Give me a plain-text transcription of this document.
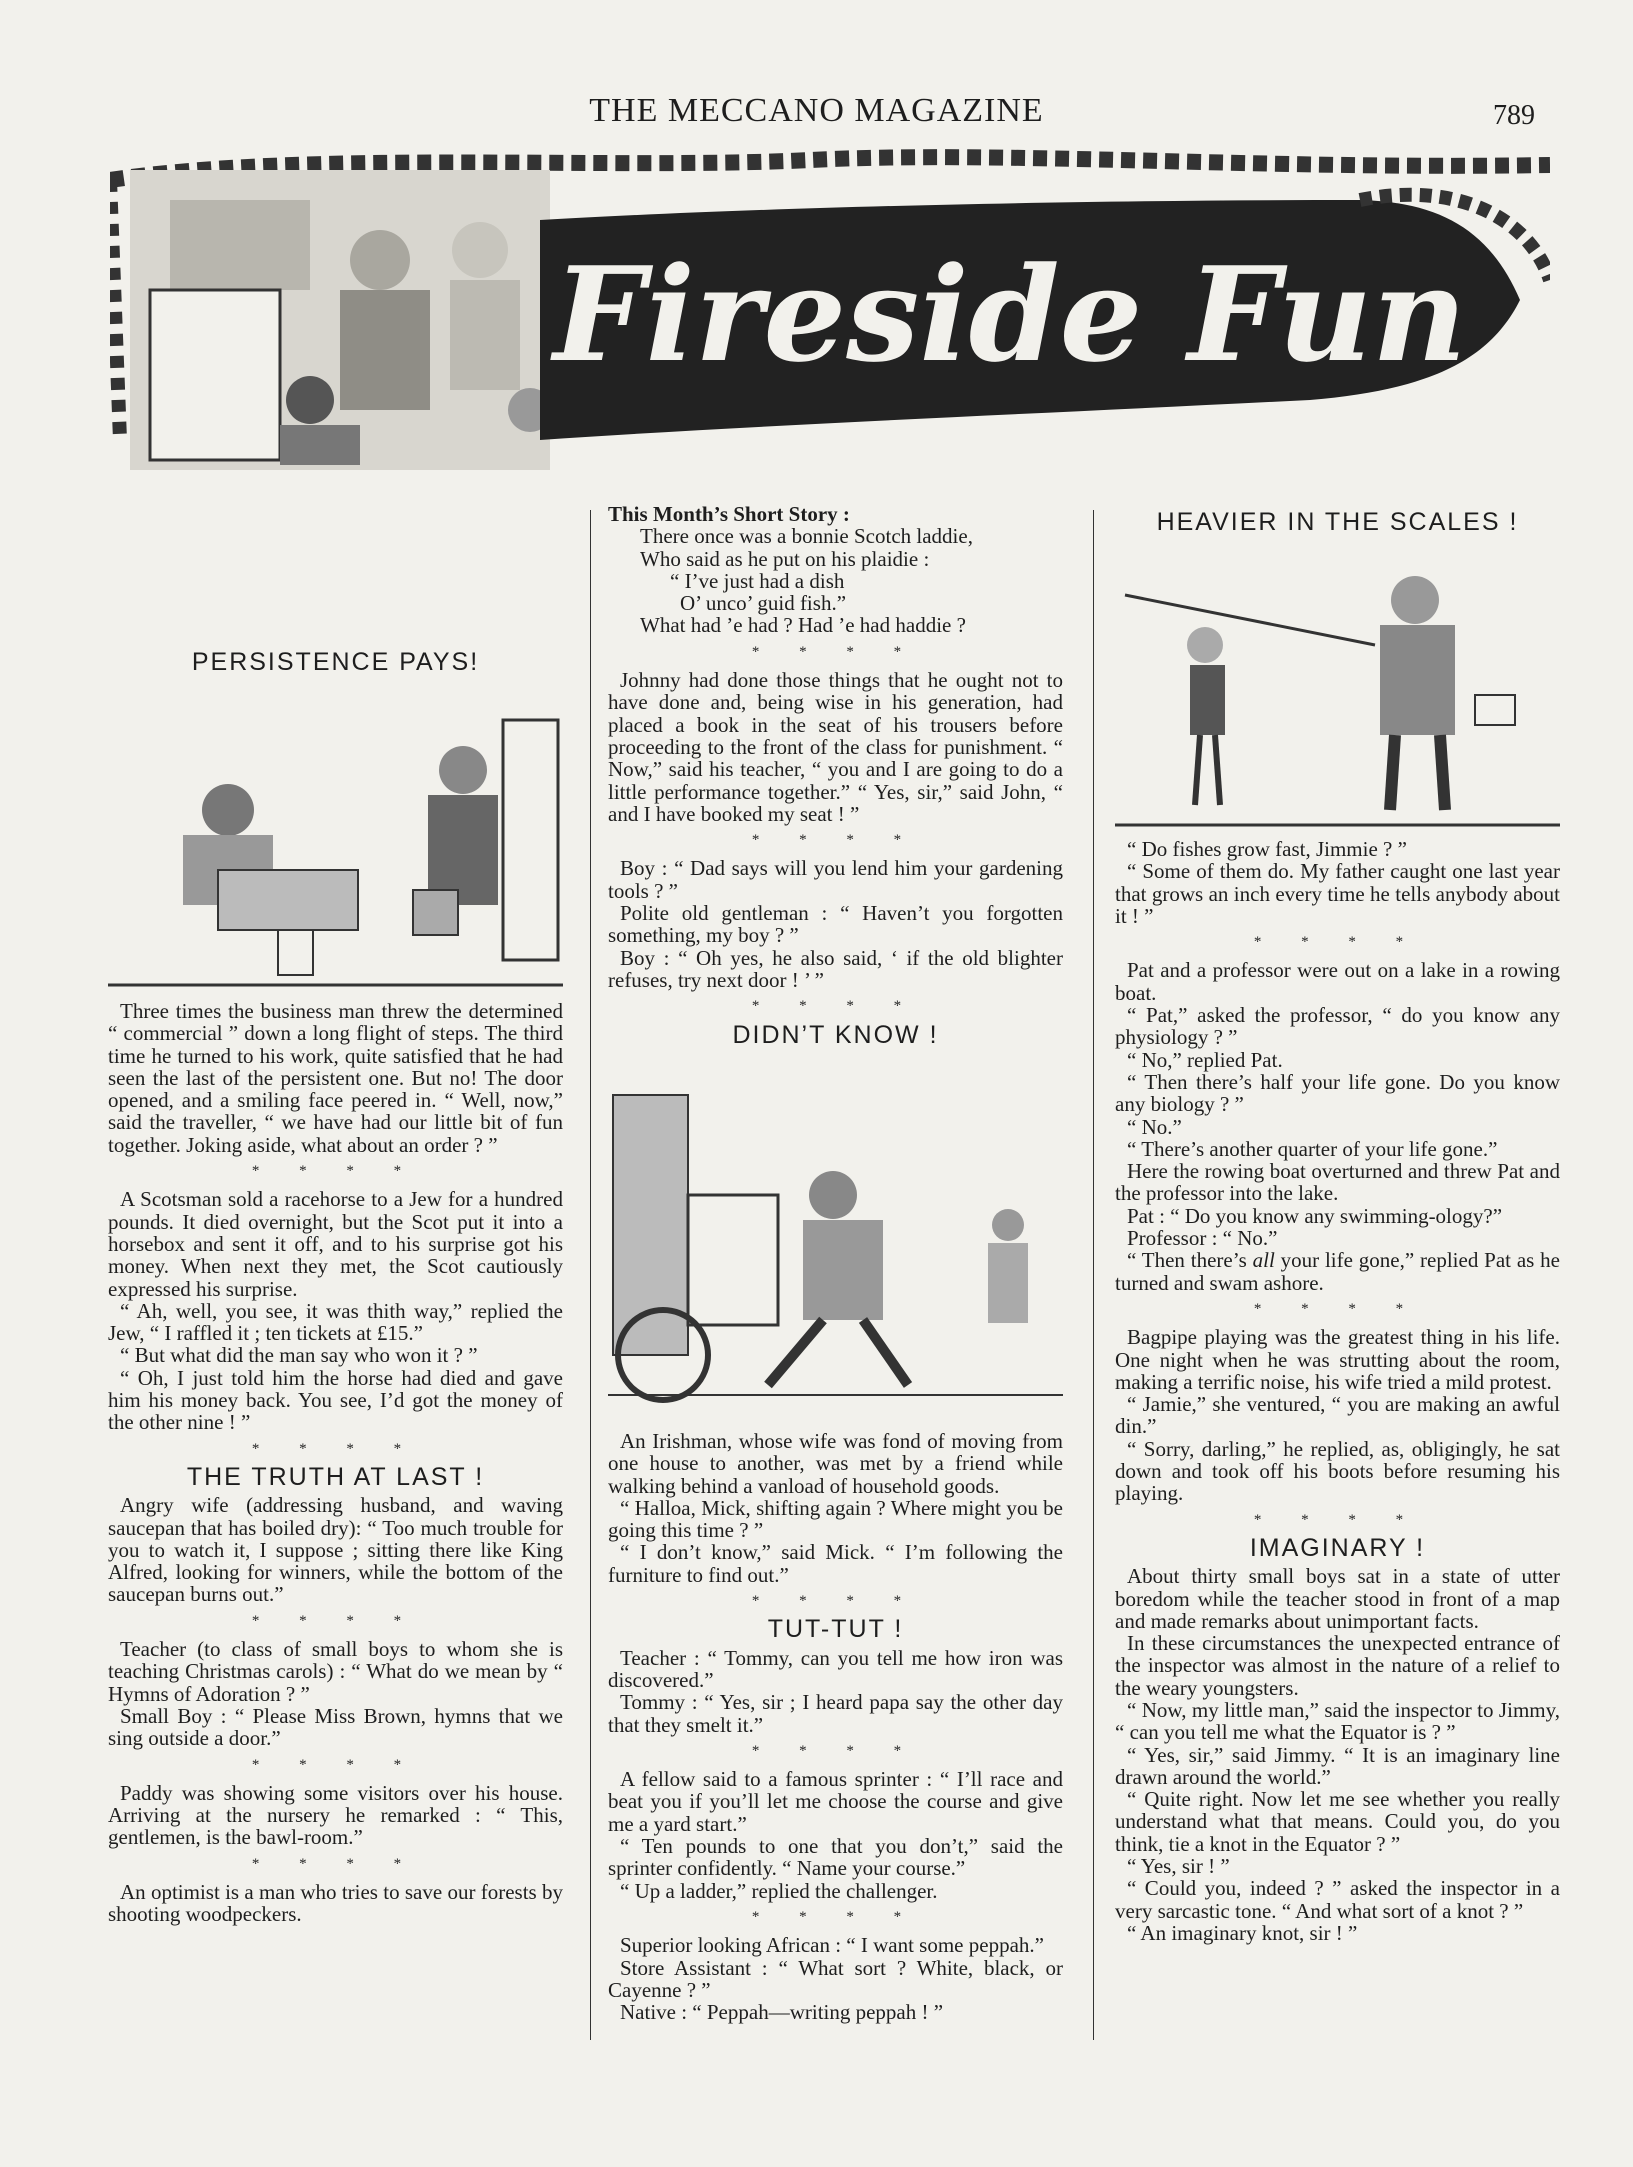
THE MECCANO MAGAZINE	789
Fireside Fun
PERSISTENCE PAYS!

Three times the business man threw the determined “ commercial ” down a long flight of steps. The third time he turned to his work, quite satisfied that he had seen the last of the persistent one. But no! The door opened, and a smiling face peered in. “ Well, now,” said the traveller, “ we have had our little bit of fun together. Joking aside, what about an order ? ”

* * * *

A Scotsman sold a racehorse to a Jew for a hundred pounds. It died overnight, but the Scot put it into a horsebox and sent it off, and to his surprise got his money. When next they met, the Scot cautiously expressed his surprise.

“ Ah, well, you see, it was thith way,” replied the Jew, “ I raffled it ; ten tickets at £15.”

“ But what did the man say who won it ? ”

“ Oh, I just told him the horse had died and gave him his money back. You see, I’d got the money of the other nine ! ”

* * * *
THE TRUTH AT LAST !

Angry wife (addressing husband, and waving saucepan that has boiled dry): “ Too much trouble for you to watch it, I suppose ; sitting there like King Alfred, looking for winners, while the bottom of the saucepan burns out.”

* * * *

Teacher (to class of small boys to whom she is teaching Christmas carols) : “ What do we mean by “ Hymns of Adoration ? ”

Small Boy : “ Please Miss Brown, hymns that we sing outside a door.”

* * * *

Paddy was showing some visitors over his house. Arriving at the nursery he remarked : “ This, gentlemen, is the bawl-room.”

* * * *

An optimist is a man who tries to save our forests by shooting woodpeckers.

This Month’s Short Story :

There once was a bonnie Scotch laddie,

Who said as he put on his plaidie :

“ I’ve just had a dish

O’ unco’ guid fish.”

What had ’e had ? Had ’e had haddie ?

* * * *

Johnny had done those things that he ought not to have done and, being wise in his generation, had placed a book in the seat of his trousers before proceeding to the front of the class for punishment. “ Now,” said his teacher, “ you and I are going to do a little performance together.” “ Yes, sir,” said John, “ and I have booked my seat ! ”

* * * *

Boy : “ Dad says will you lend him your gardening tools ? ”

Polite old gentleman : “ Haven’t you forgotten something, my boy ? ”

Boy : “ Oh yes, he also said, ‘ if the old blighter refuses, try next door ! ’ ”

* * * *
DIDN’T KNOW !

An Irishman, whose wife was fond of moving from one house to another, was met by a friend while walking behind a vanload of household goods.

“ Halloa, Mick, shifting again ? Where might you be going this time ? ”

“ I don’t know,” said Mick. “ I’m following the furniture to find out.”

* * * *
TUT-TUT !

Teacher : “ Tommy, can you tell me how iron was discovered.”

Tommy : “ Yes, sir ; I heard papa say the other day that they smelt it.”

* * * *

A fellow said to a famous sprinter : “ I’ll race and beat you if you’ll let me choose the course and give me a yard start.”

“ Ten pounds to one that you don’t,” said the sprinter confidently. “ Name your course.”

“ Up a ladder,” replied the challenger.

* * * *

Superior looking African : “ I want some peppah.”

Store Assistant : “ What sort ? White, black, or Cayenne ? ”

Native : “ Peppah—writing peppah ! ”

HEAVIER IN THE SCALES !

“ Do fishes grow fast, Jimmie ? ”

“ Some of them do. My father caught one last year that grows an inch every time he tells anybody about it ! ”

* * * *

Pat and a professor were out on a lake in a rowing boat.

“ Pat,” asked the professor, “ do you know any physiology ? ”

“ No,” replied Pat.

“ Then there’s half your life gone. Do you know any biology ? ”

“ No.”

“ There’s another quarter of your life gone.”

Here the rowing boat overturned and threw Pat and the professor into the lake.

Pat : “ Do you know any swimming-ology?”

Professor : “ No.”

“ Then there’s all your life gone,” replied Pat as he turned and swam ashore.

* * * *

Bagpipe playing was the greatest thing in his life. One night when he was strutting about the room, making a terrific noise, his wife tried a mild protest.

“ Jamie,” she ventured, “ you are making an awful din.”

“ Sorry, darling,” he replied, as, obligingly, he sat down and took off his boots before resuming his playing.

* * * *
IMAGINARY !

About thirty small boys sat in a state of utter boredom while the teacher stood in front of a map and made remarks about unimportant facts.

In these circumstances the unexpected entrance of the inspector was almost in the nature of a relief to the weary youngsters.

“ Now, my little man,” said the inspector to Jimmy, “ can you tell me what the Equator is ? ”

“ Yes, sir,” said Jimmy. “ It is an imaginary line drawn around the world.”

“ Quite right. Now let me see whether you really understand what that means. Could you, do you think, tie a knot in the Equator ? ”

“ Yes, sir ! ”

“ Could you, indeed ? ” asked the inspector in a very sarcastic tone. “ And what sort of a knot ? ”

“ An imaginary knot, sir ! ”
